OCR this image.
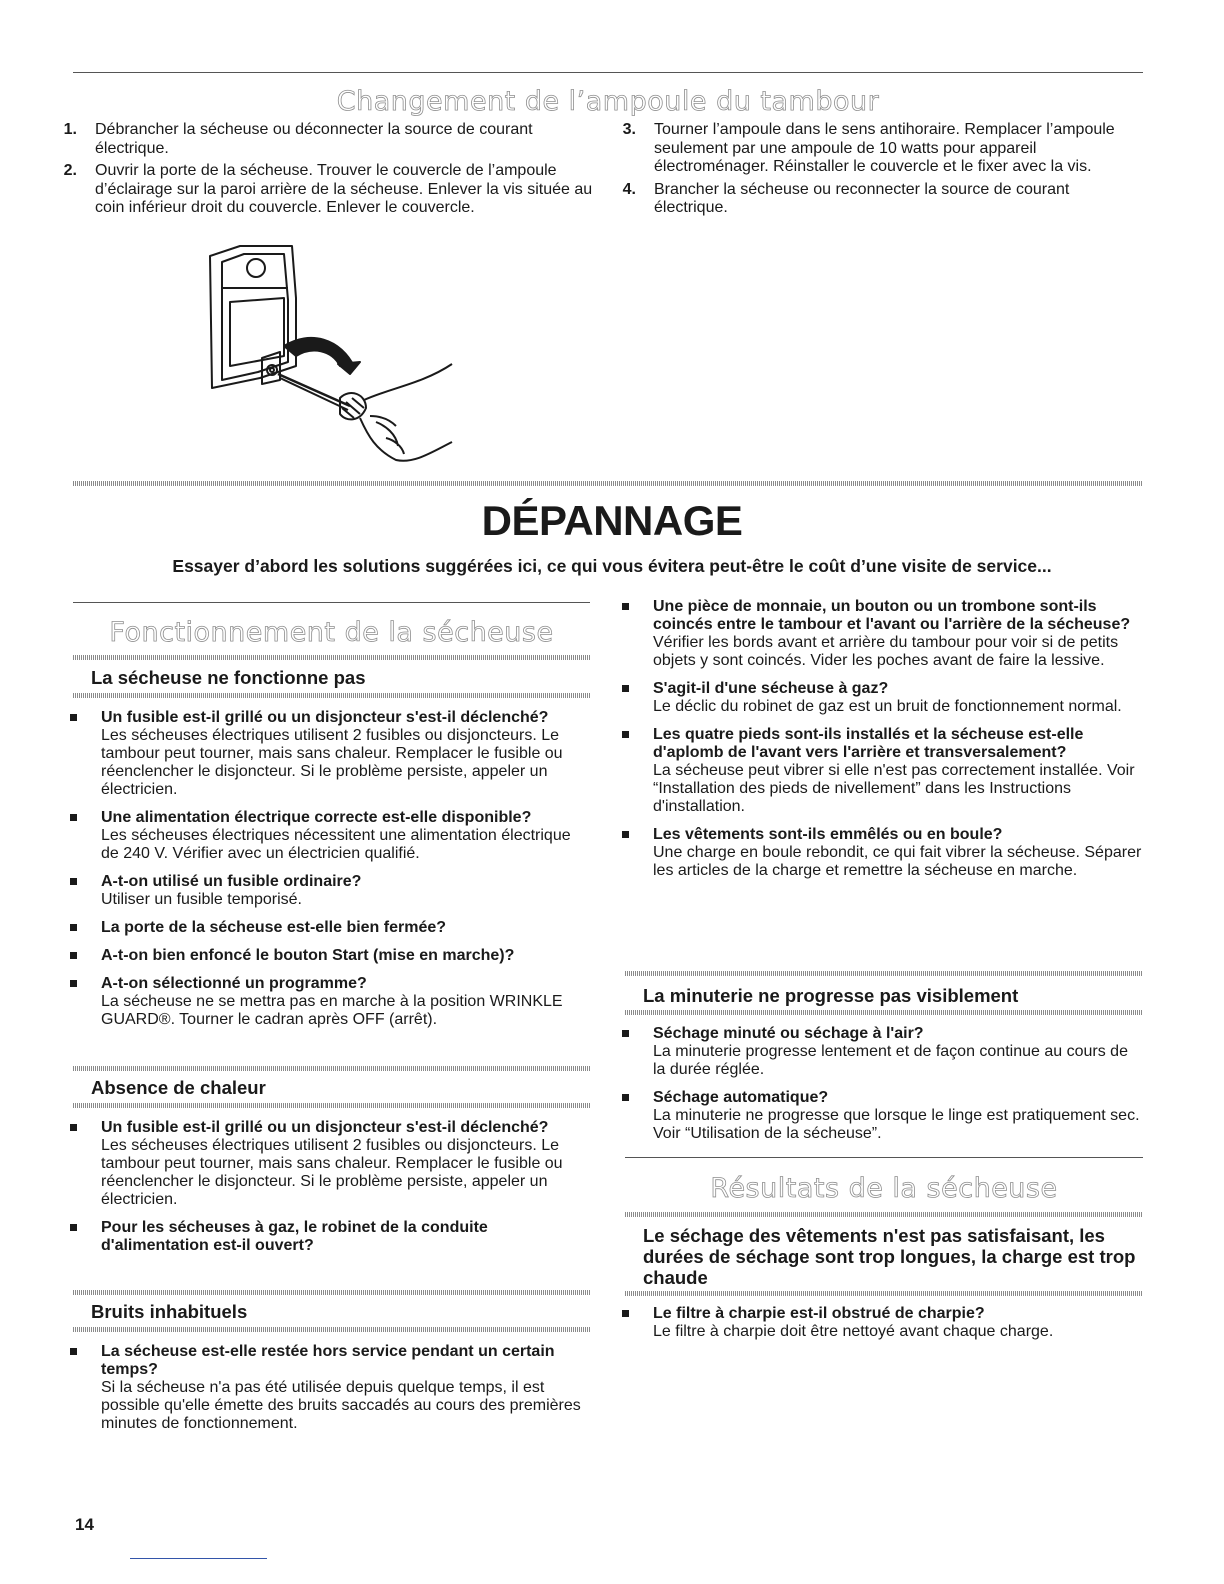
Changement de l’ampoule du tambour
1. Débrancher la sécheuse ou déconnecter la source de courant électrique.
2. Ouvrir la porte de la sécheuse. Trouver le couvercle de l’ampoule d’éclairage sur la paroi arrière de la sécheuse. Enlever la vis située au coin inférieur droit du couvercle. Enlever le couvercle.
3. Tourner l’ampoule dans le sens antihoraire. Remplacer l’ampoule seulement par une ampoule de 10 watts pour appareil électroménager. Réinstaller le couvercle et le fixer avec la vis.
4. Brancher la sécheuse ou reconnecter la source de courant électrique.
DÉPANNAGE
Essayer d’abord les solutions suggérées ici, ce qui vous évitera peut-être le coût d’une visite de service...
Fonctionnement de la sécheuse
La sécheuse ne fonctionne pas
Un fusible est-il grillé ou un disjoncteur s'est-il déclenché?
Les sécheuses électriques utilisent 2 fusibles ou disjoncteurs. Le tambour peut tourner, mais sans chaleur. Remplacer le fusible ou réenclencher le disjoncteur. Si le problème persiste, appeler un électricien.
Une alimentation électrique correcte est-elle disponible?
Les sécheuses électriques nécessitent une alimentation électrique de 240 V. Vérifier avec un électricien qualifié.
A-t-on utilisé un fusible ordinaire?
Utiliser un fusible temporisé.
La porte de la sécheuse est-elle bien fermée?
A-t-on bien enfoncé le bouton Start (mise en marche)?
A-t-on sélectionné un programme?
La sécheuse ne se mettra pas en marche à la position WRINKLE GUARD®. Tourner le cadran après OFF (arrêt).
Absence de chaleur
Un fusible est-il grillé ou un disjoncteur s'est-il déclenché?
Les sécheuses électriques utilisent 2 fusibles ou disjoncteurs. Le tambour peut tourner, mais sans chaleur. Remplacer le fusible ou réenclencher le disjoncteur. Si le problème persiste, appeler un électricien.
Pour les sécheuses à gaz, le robinet de la conduite d'alimentation est-il ouvert?
Bruits inhabituels
La sécheuse est-elle restée hors service pendant un certain temps?
Si la sécheuse n'a pas été utilisée depuis quelque temps, il est possible qu'elle émette des bruits saccadés au cours des premières minutes de fonctionnement.
Une pièce de monnaie, un bouton ou un trombone sont-ils coincés entre le tambour et l'avant ou l'arrière de la sécheuse?
Vérifier les bords avant et arrière du tambour pour voir si de petits objets y sont coincés. Vider les poches avant de faire la lessive.
S'agit-il d'une sécheuse à gaz?
Le déclic du robinet de gaz est un bruit de fonctionnement normal.
Les quatre pieds sont-ils installés et la sécheuse est-elle d'aplomb de l'avant vers l'arrière et transversalement?
La sécheuse peut vibrer si elle n'est pas correctement installée. Voir “Installation des pieds de nivellement” dans les Instructions d'installation.
Les vêtements sont-ils emmêlés ou en boule?
Une charge en boule rebondit, ce qui fait vibrer la sécheuse. Séparer les articles de la charge et remettre la sécheuse en marche.
La minuterie ne progresse pas visiblement
Séchage minuté ou séchage à l'air?
La minuterie progresse lentement et de façon continue au cours de la durée réglée.
Séchage automatique?
La minuterie ne progresse que lorsque le linge est pratiquement sec. Voir “Utilisation de la sécheuse”.
Résultats de la sécheuse
Le séchage des vêtements n'est pas satisfaisant, les durées de séchage sont trop longues, la charge est trop chaude
Le filtre à charpie est-il obstrué de charpie?
Le filtre à charpie doit être nettoyé avant chaque charge.
14
